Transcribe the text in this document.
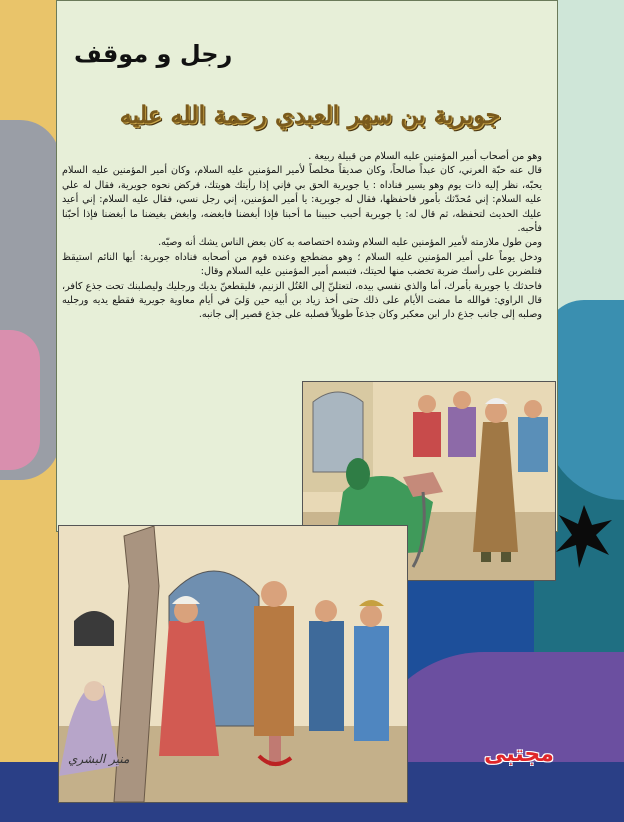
رجل و موقف
جويرية بن سهر العبدي رحمة الله عليه

وهو من أصحاب أمير المؤمنين عليه السلام من قبيلة ربيعة .

قال عنه حبّة العرني، كان عبداً صالحاً، وكان صديقاً مخلصاً لأمير المؤمنين عليه السلام، وكان أمير المؤمنين عليه السلام يحبّه، نظر إليه ذات يوم وهو يسير فناداه : يا جويرية الحق بي فإني إذا رأيتك هويتك، فركض نحوه جويرية، فقال له علي عليه السلام: إني مُحدّثك بأمور فاحفظها، فقال له جويرية: يا أمير المؤمنين، إني رجل نسي، فقال عليه السلام: إني أعيد عليك الحديث لتحفظه، ثم قال له: يا جويرية أحبب حبيبنا ما أحبنا فإذا أبغضنا فابغضه، وابغض بغيضنا ما أبغضنا فإذا أحبّنا فأحبه.

ومن طول ملازمته لأمير المؤمنين عليه السلام وشدة اختصاصه به كان بعض الناس يشك أنه وصيّه.

ودخل يوماً على أمير المؤمنين عليه السلام ؛ وهو مضطجع وعنده قوم من أصحابه فناداه جويرية: أيها النائم استيقظ فتلضربن على رأسك ضربة تخضب منها لحيتك، فتبسم أمير المؤمنين عليه السلام وقال:

فاحدثك يا جويرية بأمرك، أما والذي نفسي بيده، لتعتلنّ إلى العُتُل الزنيم، فليقطعنّ يديك ورجليك وليصلبنك تحت جذع كافر، قال الراوي: فوالله ما مضت الأيام على ذلك حتى أخذ زياد بن أبيه حين وَليَ في أيام معاوية جويرية فقطع يديه ورجليه وصلبه إلى جانب جذع دار ابن معكبر وكان جذعاً طويلاً فصلبه على جذع قصير إلى جانبه.

منير البشري	مجتبى
